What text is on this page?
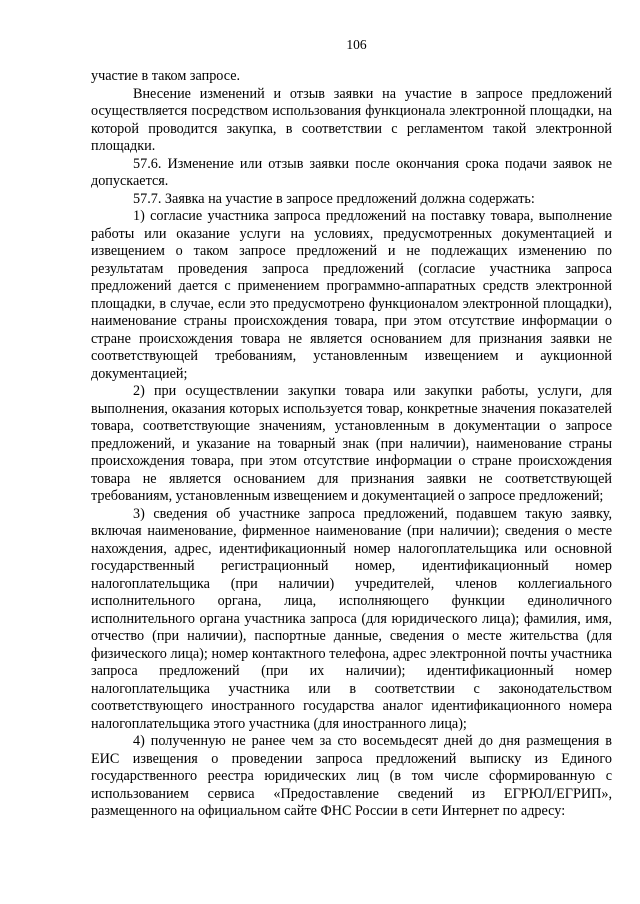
106

участие в таком запросе.

Внесение изменений и отзыв заявки на участие в запросе предложений осуществляется посредством использования функционала электронной площадки, на которой проводится закупка, в соответствии с регламентом такой электронной площадки.

57.6. Изменение или отзыв заявки после окончания срока подачи заявок не допускается.

57.7. Заявка на участие в запросе предложений должна содержать:

1) согласие участника запроса предложений на поставку товара, выполнение работы или оказание услуги на условиях, предусмотренных документацией и извещением о таком запросе предложений и не подлежащих изменению по результатам проведения запроса предложений (согласие участника запроса предложений дается с применением программно-аппаратных средств электронной площадки, в случае, если это предусмотрено функционалом электронной площадки), наименование страны происхождения товара, при этом отсутствие информации о стране происхождения товара не является основанием для признания заявки не соответствующей требованиям, установленным извещением и аукционной документацией;

2) при осуществлении закупки товара или закупки работы, услуги, для выполнения, оказания которых используется товар, конкретные значения показателей товара, соответствующие значениям, установленным в документации о запросе предложений, и указание на товарный знак (при наличии), наименование страны происхождения товара, при этом отсутствие информации о стране происхождения товара не является основанием для признания заявки не соответствующей требованиям, установленным извещением и документацией о запросе предложений;

3) сведения об участнике запроса предложений, подавшем такую заявку, включая наименование, фирменное наименование (при наличии); сведения о месте нахождения, адрес, идентификационный номер налогоплательщика или основной государственный регистрационный номер, идентификационный номер налогоплательщика (при наличии) учредителей, членов коллегиального исполнительного органа, лица, исполняющего функции единоличного исполнительного органа участника запроса (для юридического лица); фамилия, имя, отчество (при наличии), паспортные данные, сведения о месте жительства (для физического лица); номер контактного телефона, адрес электронной почты участника запроса предложений (при их наличии); идентификационный номер налогоплательщика участника или в соответствии с законодательством соответствующего иностранного государства аналог идентификационного номера налогоплательщика этого участника (для иностранного лица);

4) полученную не ранее чем за сто восемьдесят дней до дня размещения в ЕИС извещения о проведении запроса предложений выписку из Единого государственного реестра юридических лиц (в том числе сформированную с использованием сервиса «Предоставление сведений из ЕГРЮЛ/ЕГРИП», размещенного на официальном сайте ФНС России в сети Интернет по адресу:
